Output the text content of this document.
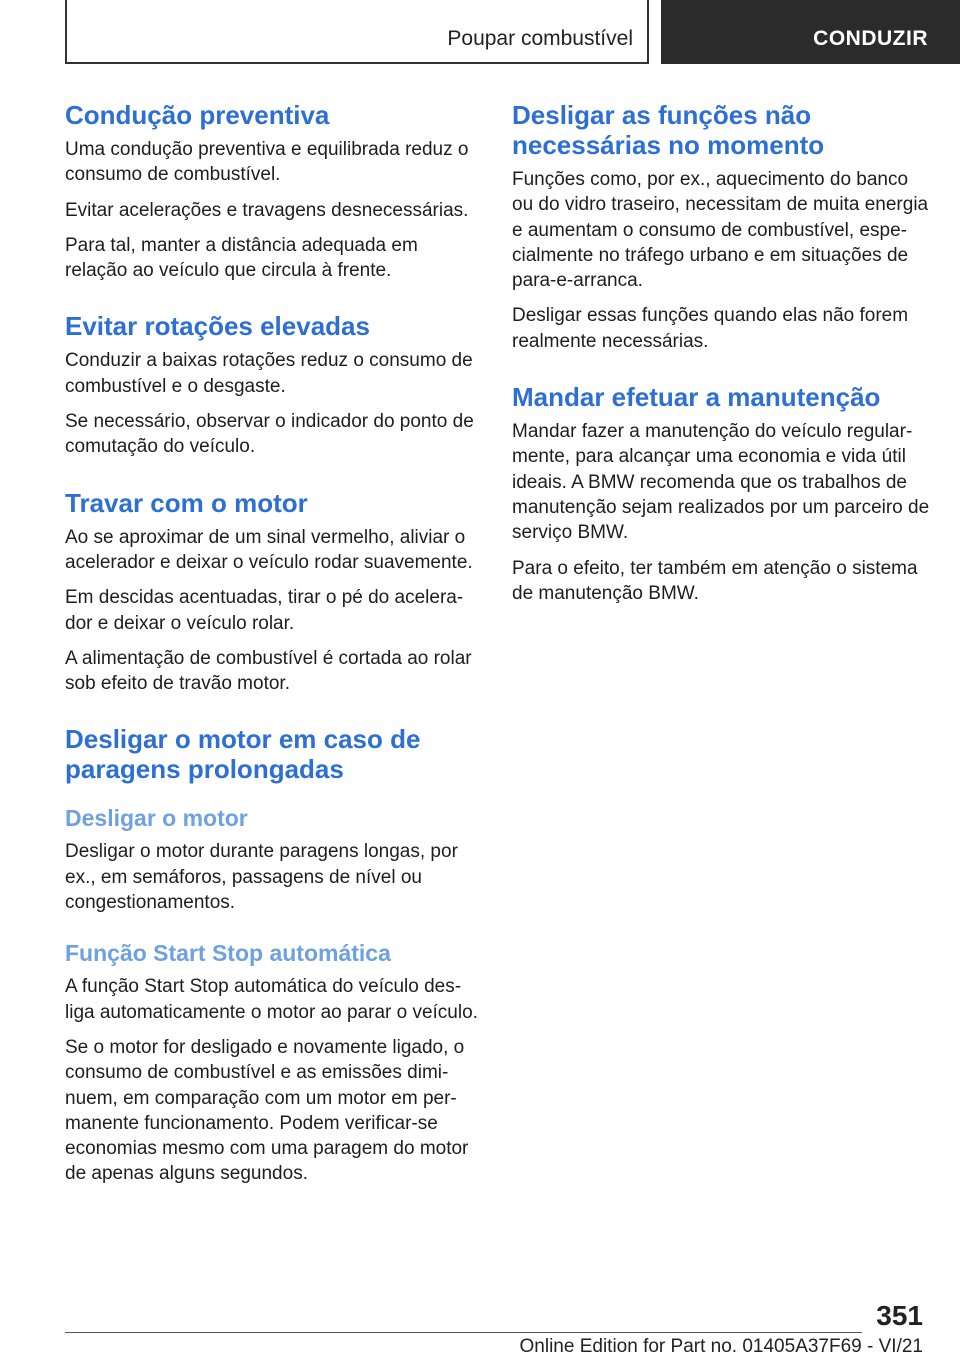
Poupar combustível	CONDUZIR
Condução preventiva

Uma condução preventiva e equilibrada reduz o consumo de combustível.

Evitar acelerações e travagens desnecessárias.

Para tal, manter a distância adequada em relação ao veículo que circula à frente.

Evitar rotações elevadas

Conduzir a baixas rotações reduz o consumo de combustível e o desgaste.

Se necessário, observar o indicador do ponto de comutação do veículo.

Travar com o motor

Ao se aproximar de um sinal vermelho, aliviar o acelerador e deixar o veículo rodar suavemente.

Em descidas acentuadas, tirar o pé do acelera-dor e deixar o veículo rolar.

A alimentação de combustível é cortada ao rolar sob efeito de travão motor.

Desligar o motor em caso de paragens prolongadas
Desligar o motor

Desligar o motor durante paragens longas, por ex., em semáforos, passagens de nível ou congestionamentos.

Função Start Stop automática

A função Start Stop automática do veículo des-liga automaticamente o motor ao parar o veículo.

Se o motor for desligado e novamente ligado, o consumo de combustível e as emissões dimi-nuem, em comparação com um motor em per-manente funcionamento. Podem verificar-se economias mesmo com uma paragem do motor de apenas alguns segundos.

Desligar as funções não necessárias no momento

Funções como, por ex., aquecimento do banco ou do vidro traseiro, necessitam de muita energia e aumentam o consumo de combustível, espe-cialmente no tráfego urbano e em situações de para-e-arranca.

Desligar essas funções quando elas não forem realmente necessárias.

Mandar efetuar a manutenção

Mandar fazer a manutenção do veículo regular-mente, para alcançar uma economia e vida útil ideais. A BMW recomenda que os trabalhos de manutenção sejam realizados por um parceiro de serviço BMW.

Para o efeito, ter também em atenção o sistema de manutenção BMW.

351
Online Edition for Part no. 01405A37F69 - VI/21
